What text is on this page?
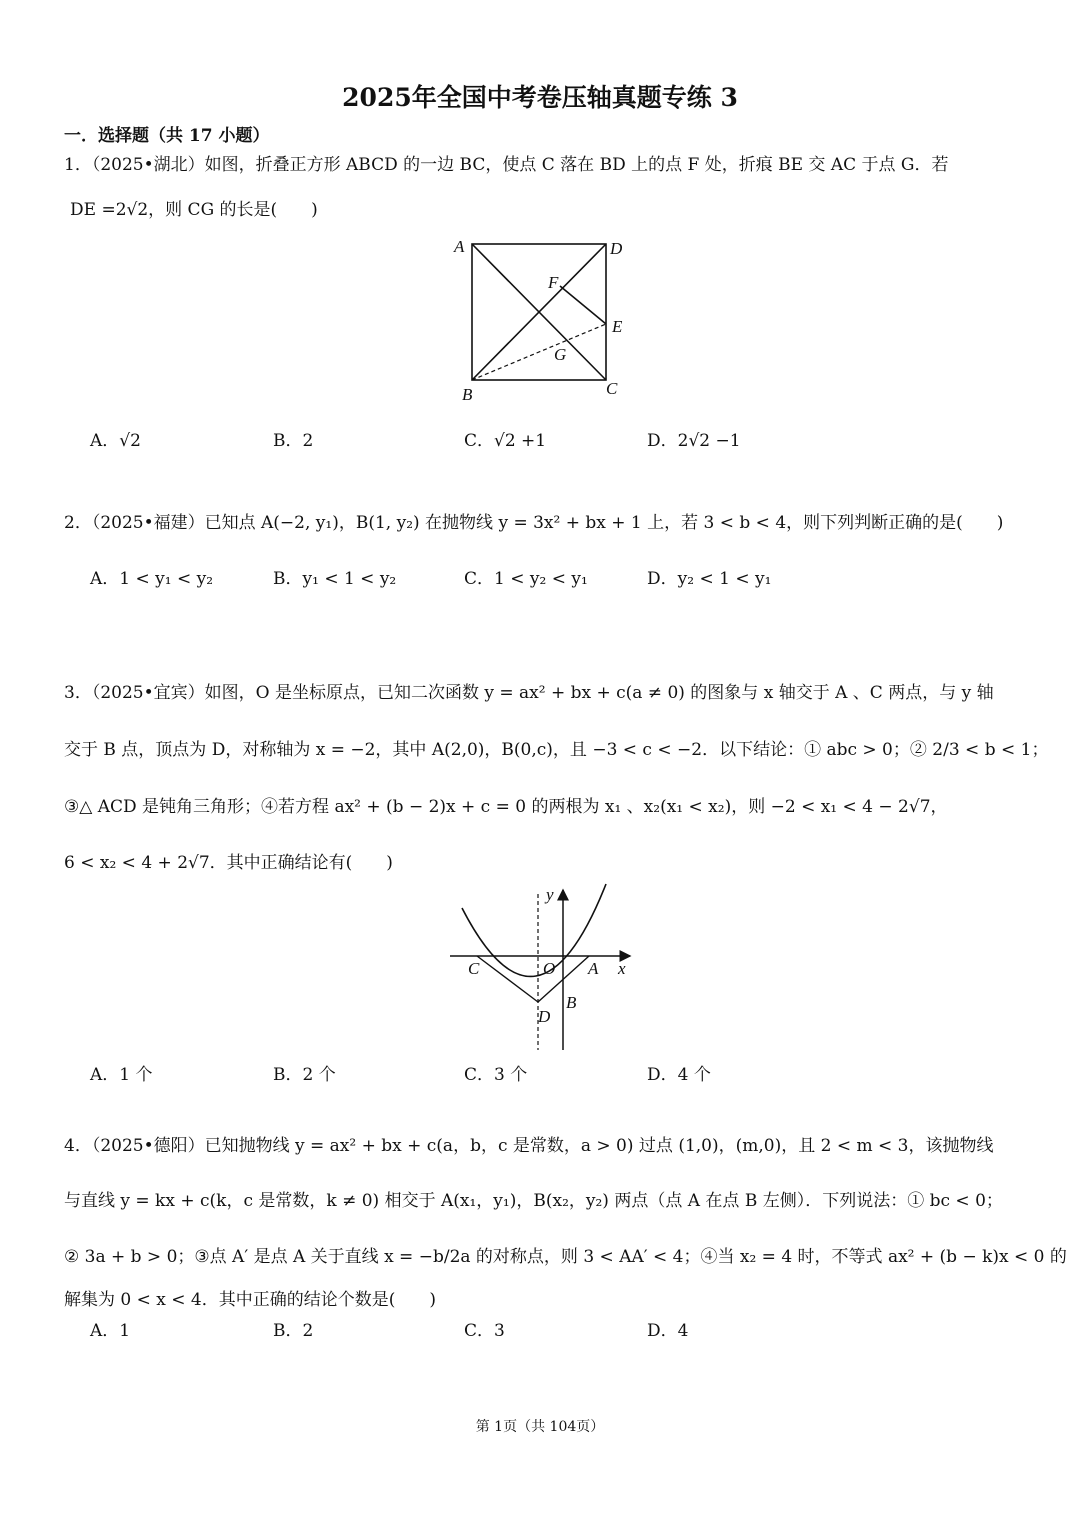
2025年全国中考卷压轴真题专练 3
一．选择题（共 17 小题）
1．（2025•湖北）如图，折叠正方形 ABCD 的一边 BC，使点 C 落在 BD 上的点 F 处，折痕 BE 交 AC 于点 G．若
DE =2√2，则 CG 的长是(　　)
A	D
F
E
G
B	C
A．√2	B．2	C．√2 +1	D．2√2 −1
2．（2025•福建）已知点 A(−2, y₁)，B(1, y₂) 在抛物线 y = 3x² + bx + 1 上，若 3 < b < 4，则下列判断正确的是(　　)
A．1 < y₁ < y₂	B．y₁ < 1 < y₂	C．1 < y₂ < y₁	D．y₂ < 1 < y₁
3．（2025•宜宾）如图，O 是坐标原点，已知二次函数 y = ax² + bx + c(a ≠ 0) 的图象与 x 轴交于 A 、C 两点，与 y 轴
交于 B 点，顶点为 D，对称轴为 x = −2，其中 A(2,0)，B(0,c)，且 −3 < c < −2．以下结论：① abc > 0；② 2/3 < b < 1；
③△ ACD 是钝角三角形；④若方程 ax² + (b − 2)x + c = 0 的两根为 x₁ 、x₂(x₁ < x₂)，则 −2 < x₁ < 4 − 2√7，
6 < x₂ < 4 + 2√7．其中正确结论有(　　)
y
x
C	O A
B
D
A．1 个	B．2 个	C．3 个	D．4 个
4．（2025•德阳）已知抛物线 y = ax² + bx + c(a，b，c 是常数，a > 0) 过点 (1,0)，(m,0)，且 2 < m < 3，该抛物线
与直线 y = kx + c(k，c 是常数，k ≠ 0) 相交于 A(x₁，y₁)，B(x₂，y₂) 两点（点 A 在点 B 左侧）．下列说法：① bc < 0；
② 3a + b > 0；③点 A′ 是点 A 关于直线 x = −b/2a 的对称点，则 3 < AA′ < 4；④当 x₂ = 4 时，不等式 ax² + (b − k)x < 0 的
解集为 0 < x < 4．其中正确的结论个数是(　　)
A．1	B．2	C．3	D．4
第 1页（共 104页）
